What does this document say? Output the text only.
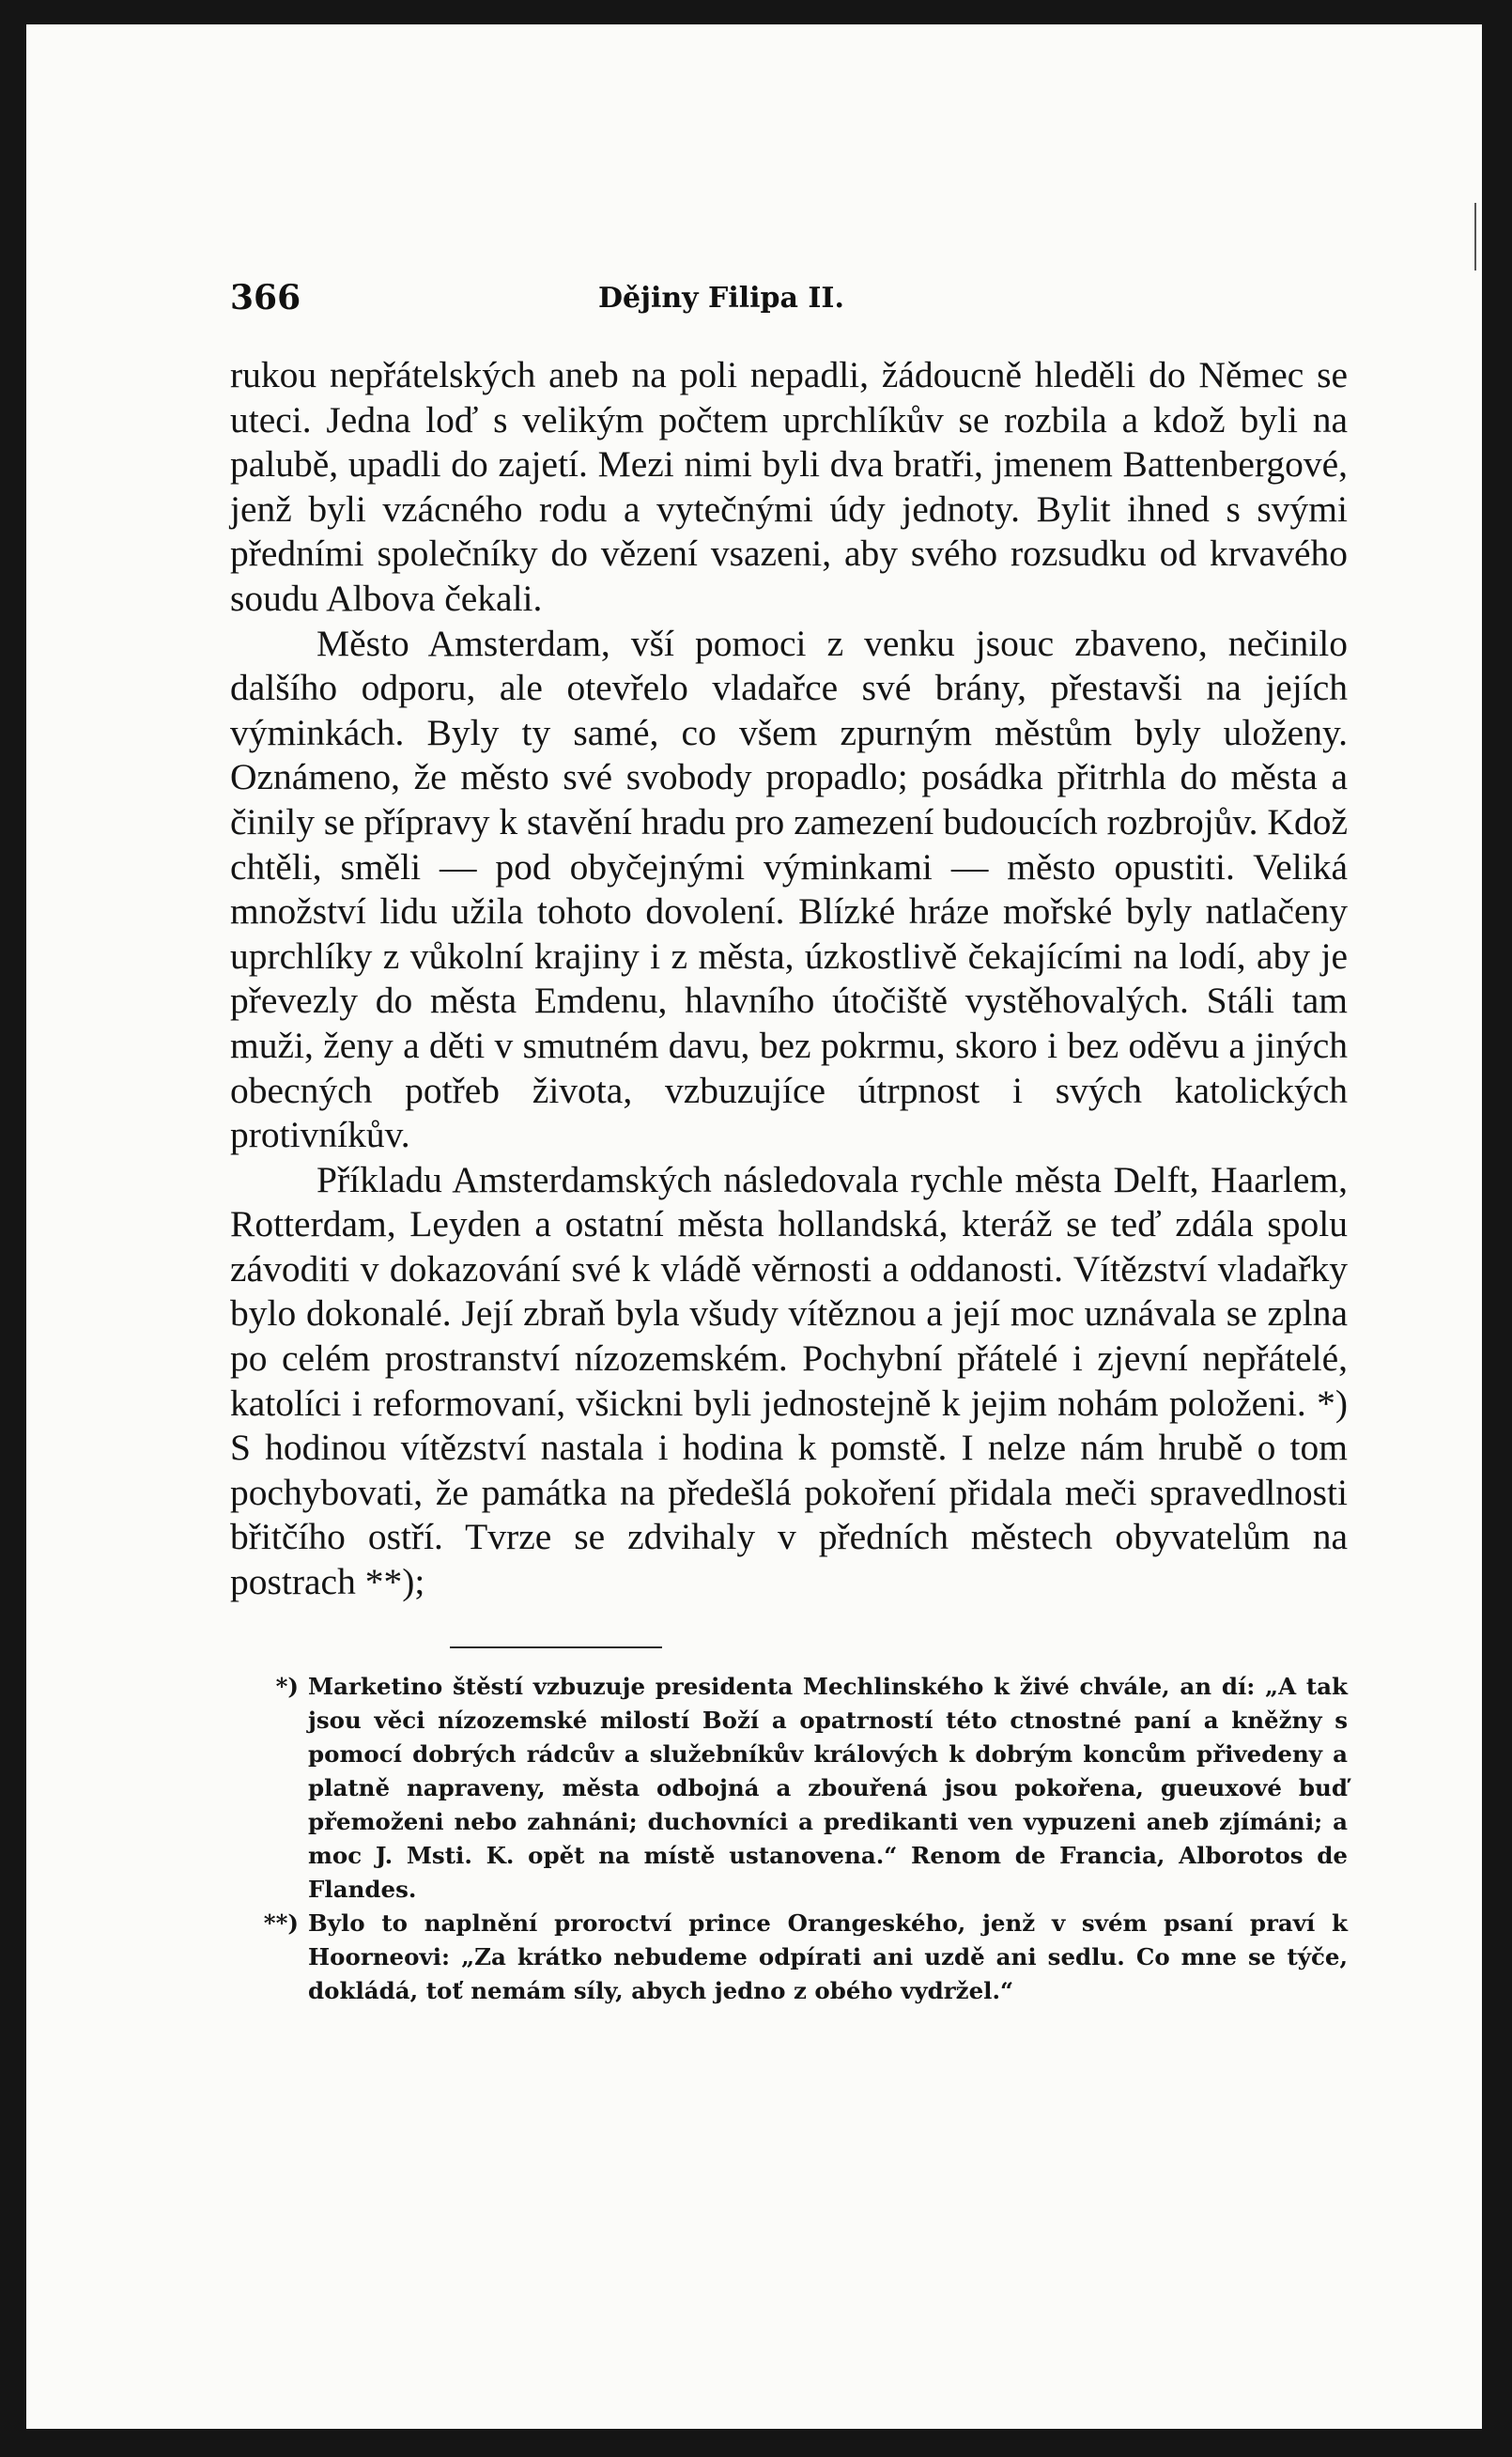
366	Dějiny Filipa II.

rukou nepřátelských aneb na poli nepadli, žádoucně hleděli do Němec se uteci. Jedna loď s velikým počtem uprchlíkův se rozbila a kdož byli na palubě, upadli do zajetí. Mezi nimi byli dva bratři, jmenem Battenbergové, jenž byli vzácného rodu a vytečnými údy jednoty. Bylit ihned s svými předními společníky do vězení vsazeni, aby svého rozsudku od krvavého soudu Albova čekali.

Město Amsterdam, vší pomoci z venku jsouc zbaveno, nečinilo dalšího odporu, ale otevřelo vladařce své brány, přestavši na jejích výminkách. Byly ty samé, co všem zpurným městům byly uloženy. Oznámeno, že město své svobody propadlo; posádka přitrhla do města a činily se přípravy k stavění hradu pro zamezení budoucích rozbrojův. Kdož chtěli, směli — pod obyčejnými výminkami — město opustiti. Veliká množství lidu užila tohoto dovolení. Blízké hráze mořské byly natlačeny uprchlíky z vůkolní krajiny i z města, úzkostlivě čekajícími na lodí, aby je převezly do města Emdenu, hlavního útočiště vystěhovalých. Stáli tam muži, ženy a děti v smutném davu, bez pokrmu, skoro i bez oděvu a jiných obecných potřeb života, vzbuzujíce útrpnost i svých katolických protivníkův.

Příkladu Amsterdamských následovala rychle města Delft, Haarlem, Rotterdam, Leyden a ostatní města hollandská, kteráž se teď zdála spolu závoditi v dokazování své k vládě věrnosti a oddanosti. Vítězství vladařky bylo dokonalé. Její zbraň byla všudy vítěznou a její moc uznávala se zplna po celém prostranství nízozemském. Pochybní přátelé i zjevní nepřátelé, katolíci i reformovaní, všickni byli jednostejně k jejim nohám položeni. *) S hodinou vítězství nastala i hodina k pomstě. I nelze nám hrubě o tom pochybovati, že památka na předešlá pokoření přidala meči spravedlnosti břitčího ostří. Tvrze se zdvihaly v předních městech obyvatelům na postrach **);

*) Marketino štěstí vzbuzuje presidenta Mechlinského k živé chvále, an dí: „A tak jsou věci nízozemské milostí Boží a opatrností této ctnostné paní a kněžny s pomocí dobrých rádcův a služebníkův králových k dobrým koncům přivedeny a platně napraveny, města odbojná a zbouřená jsou pokořena, gueuxové buď přemoženi nebo zahnáni; duchovníci a predikanti ven vypuzeni aneb zjímáni; a moc J. Msti. K. opět na místě ustanovena.“ Renom de Francia, Alborotos de Flandes.
**) Bylo to naplnění proroctví prince Orangeského, jenž v svém psaní praví k Hoorneovi: „Za krátko nebudeme odpírati ani uzdě ani sedlu. Co mne se týče, dokládá, toť nemám síly, abych jedno z obého vydržel.“
